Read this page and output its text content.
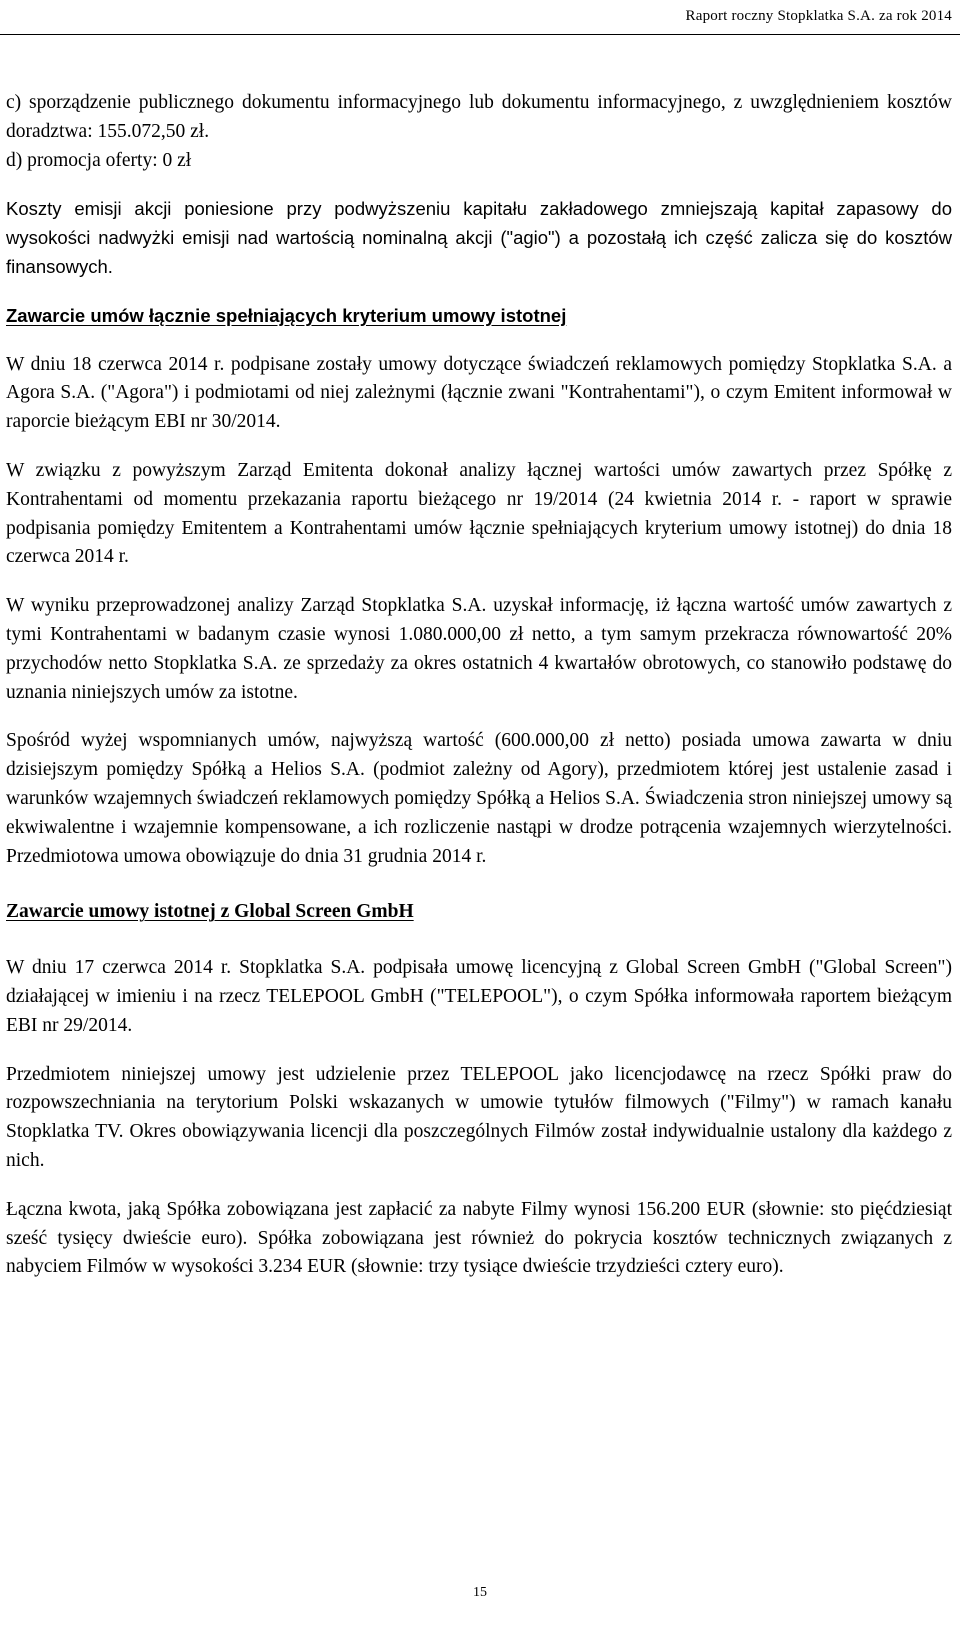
Raport roczny Stopklatka S.A. za rok 2014

c) sporządzenie publicznego dokumentu informacyjnego lub dokumentu informacyjnego, z uwzględnieniem kosztów doradztwa: 155.072,50 zł.

d) promocja oferty: 0 zł

Koszty emisji akcji poniesione przy podwyższeniu kapitału zakładowego zmniejszają kapitał zapasowy do wysokości nadwyżki emisji nad wartością nominalną akcji ("agio") a pozostałą ich część zalicza się do kosztów finansowych.

Zawarcie umów łącznie spełniających kryterium umowy istotnej

W dniu 18 czerwca 2014 r. podpisane zostały umowy dotyczące świadczeń reklamowych pomiędzy Stopklatka S.A. a Agora S.A. ("Agora") i podmiotami od niej zależnymi (łącznie zwani "Kontrahentami"), o czym Emitent informował w raporcie bieżącym EBI nr 30/2014.

W związku z powyższym Zarząd Emitenta dokonał analizy łącznej wartości umów zawartych przez Spółkę z Kontrahentami od momentu przekazania raportu bieżącego nr 19/2014 (24 kwietnia 2014 r. - raport w sprawie podpisania pomiędzy Emitentem a Kontrahentami umów łącznie spełniających kryterium umowy istotnej) do dnia 18 czerwca 2014 r.

W wyniku przeprowadzonej analizy Zarząd Stopklatka S.A. uzyskał informację, iż łączna wartość umów zawartych z tymi Kontrahentami w badanym czasie wynosi 1.080.000,00 zł netto, a tym samym przekracza równowartość 20% przychodów netto Stopklatka S.A. ze sprzedaży za okres ostatnich 4 kwartałów obrotowych, co stanowiło podstawę do uznania niniejszych umów za istotne.

Spośród wyżej wspomnianych umów, najwyższą wartość (600.000,00 zł netto) posiada umowa zawarta w dniu dzisiejszym pomiędzy Spółką a Helios S.A. (podmiot zależny od Agory), przedmiotem której jest ustalenie zasad i warunków wzajemnych świadczeń reklamowych pomiędzy Spółką a Helios S.A. Świadczenia stron niniejszej umowy są ekwiwalentne i wzajemnie kompensowane, a ich rozliczenie nastąpi w drodze potrącenia wzajemnych wierzytelności. Przedmiotowa umowa obowiązuje do dnia 31 grudnia 2014 r.

Zawarcie umowy istotnej z Global Screen GmbH

W dniu 17 czerwca 2014 r. Stopklatka S.A. podpisała umowę licencyjną z Global Screen GmbH ("Global Screen") działającej w imieniu i na rzecz TELEPOOL GmbH ("TELEPOOL"), o czym Spółka informowała raportem bieżącym EBI nr 29/2014.

Przedmiotem niniejszej umowy jest udzielenie przez TELEPOOL jako licencjodawcę na rzecz Spółki praw do rozpowszechniania na terytorium Polski wskazanych w umowie tytułów filmowych ("Filmy") w ramach kanału Stopklatka TV. Okres obowiązywania licencji dla poszczególnych Filmów został indywidualnie ustalony dla każdego z nich.

Łączna kwota, jaką Spółka zobowiązana jest zapłacić za nabyte Filmy wynosi 156.200 EUR (słownie: sto pięćdziesiąt sześć tysięcy dwieście euro). Spółka zobowiązana jest również do pokrycia kosztów technicznych związanych z nabyciem Filmów w wysokości 3.234 EUR (słownie: trzy tysiące dwieście trzydzieści cztery euro).

15
